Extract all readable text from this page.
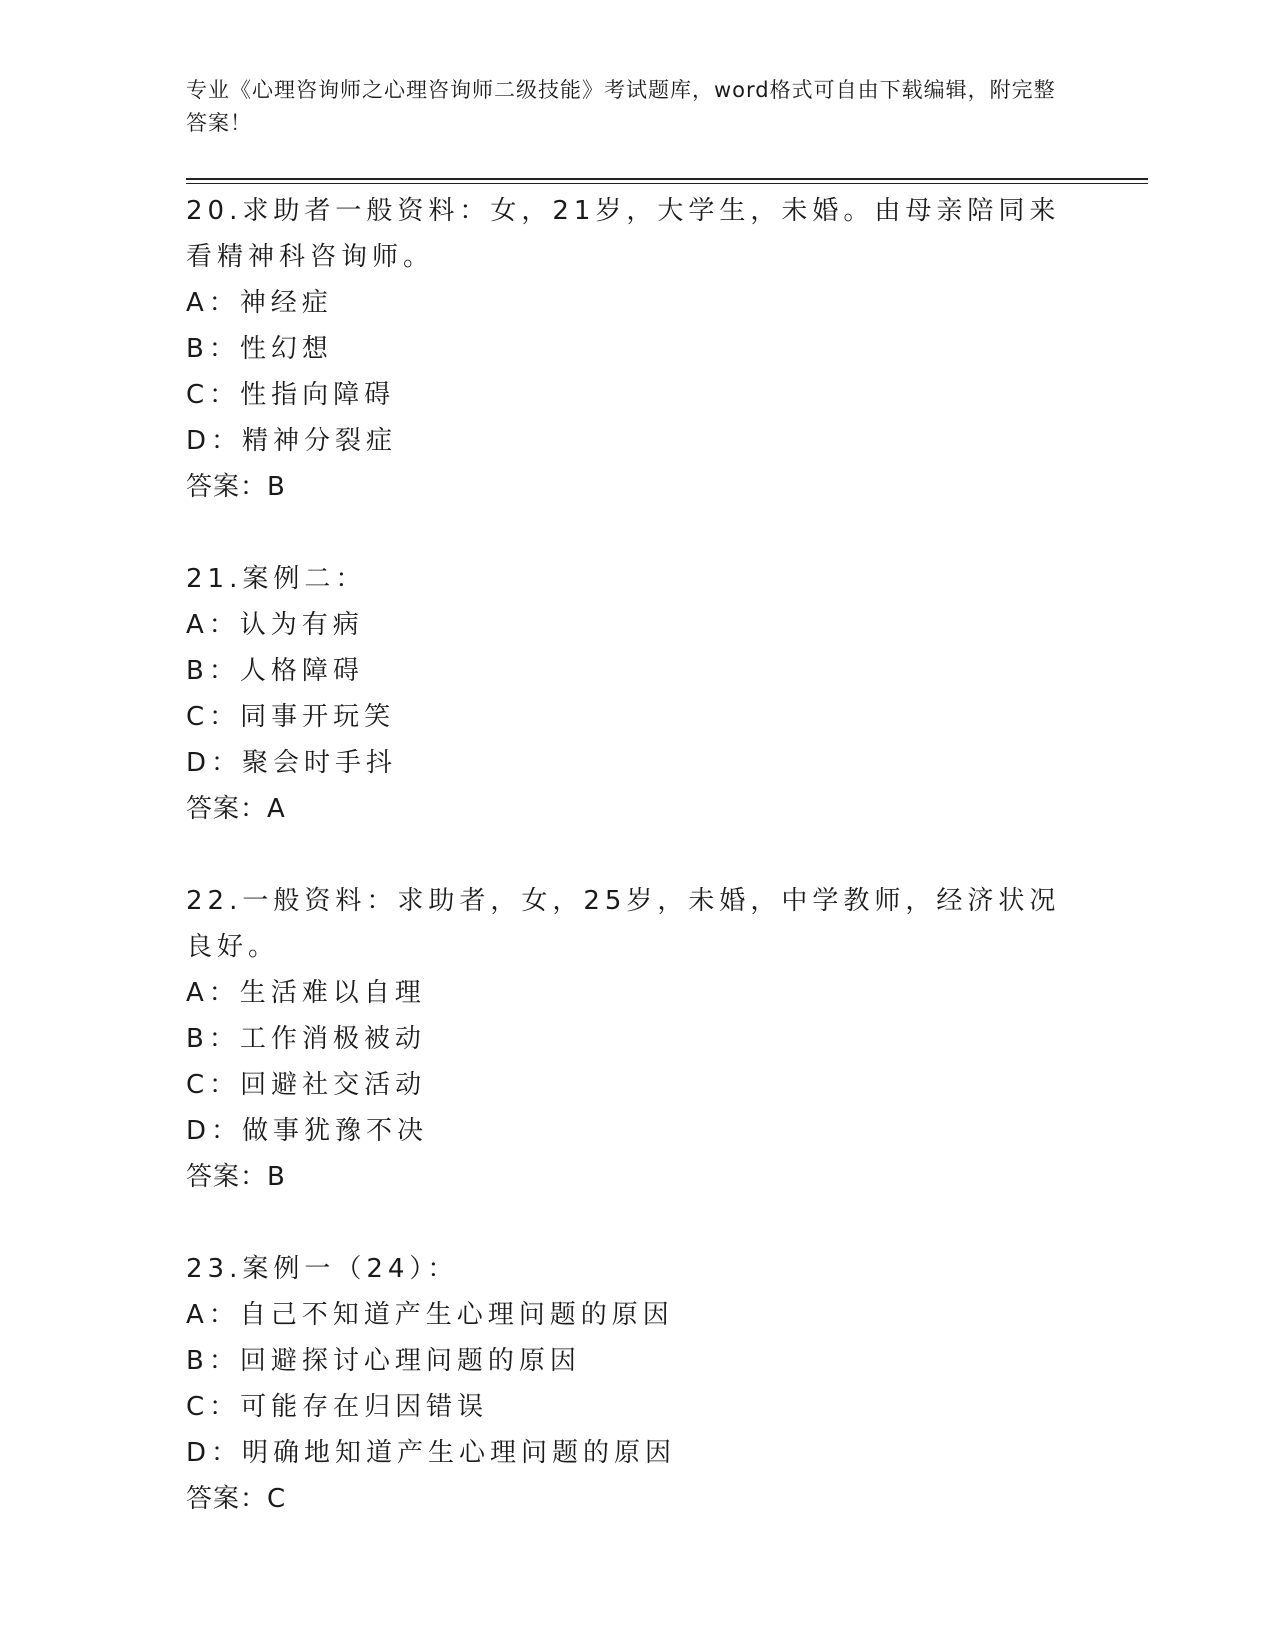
专业《心理咨询师之心理咨询师二级技能》考试题库，word格式可自由下载编辑，附完整答案！
20.求助者一般资料：女，21岁，大学生，未婚。由母亲陪同来看精神科咨询师。
A：神经症
B：性幻想
C：性指向障碍
D：精神分裂症
答案：B
21.案例二：
A：认为有病
B：人格障碍
C：同事开玩笑
D：聚会时手抖
答案：A
22.一般资料：求助者，女，25岁，未婚，中学教师，经济状况良好。
A：生活难以自理
B：工作消极被动
C：回避社交活动
D：做事犹豫不决
答案：B
23.案例一（24）：
A：自己不知道产生心理问题的原因
B：回避探讨心理问题的原因
C：可能存在归因错误
D：明确地知道产生心理问题的原因
答案：C
